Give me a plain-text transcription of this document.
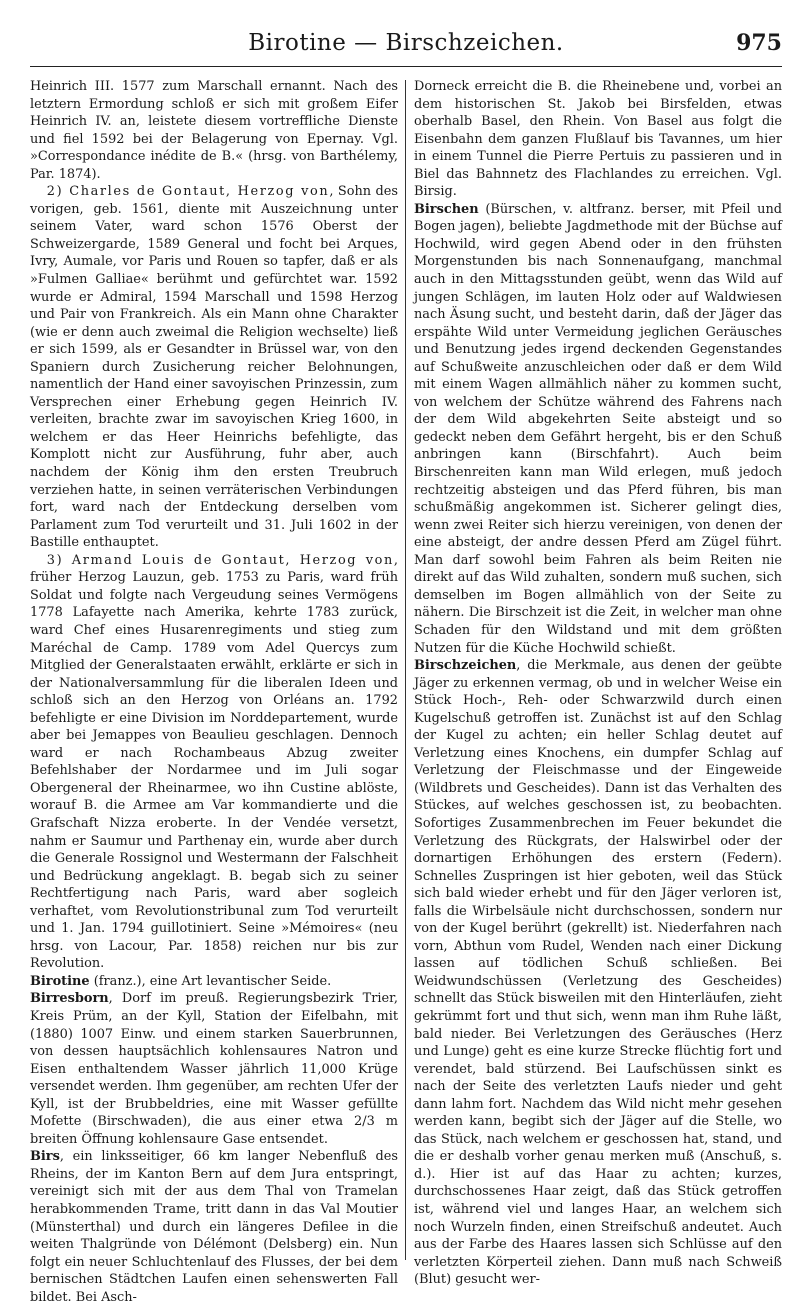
Birotine — Birschzeichen.	975

Heinrich III. 1577 zum Marschall ernannt. Nach des letztern Ermordung schloß er sich mit großem Eifer Heinrich IV. an, leistete diesem vortreffliche Dienste und fiel 1592 bei der Belagerung von Epernay. Vgl. »Correspondance inédite de B.« (hrsg. von Barthélemy, Par. 1874).

2) Charles de Gontaut, Herzog von, Sohn des vorigen, geb. 1561, diente mit Auszeichnung unter seinem Vater, ward schon 1576 Oberst der Schweizergarde, 1589 General und focht bei Arques, Ivry, Aumale, vor Paris und Rouen so tapfer, daß er als »Fulmen Galliae« berühmt und gefürchtet war. 1592 wurde er Admiral, 1594 Marschall und 1598 Herzog und Pair von Frankreich. Als ein Mann ohne Charakter (wie er denn auch zweimal die Religion wechselte) ließ er sich 1599, als er Gesandter in Brüssel war, von den Spaniern durch Zusicherung reicher Belohnungen, namentlich der Hand einer savoyischen Prinzessin, zum Versprechen einer Erhebung gegen Heinrich IV. verleiten, brachte zwar im savoyischen Krieg 1600, in welchem er das Heer Heinrichs befehligte, das Komplott nicht zur Ausführung, fuhr aber, auch nachdem der König ihm den ersten Treubruch verziehen hatte, in seinen verräterischen Verbindungen fort, ward nach der Entdeckung derselben vom Parlament zum Tod verurteilt und 31. Juli 1602 in der Bastille enthauptet.

3) Armand Louis de Gontaut, Herzog von, früher Herzog Lauzun, geb. 1753 zu Paris, ward früh Soldat und folgte nach Vergeudung seines Vermögens 1778 Lafayette nach Amerika, kehrte 1783 zurück, ward Chef eines Husarenregiments und stieg zum Maréchal de Camp. 1789 vom Adel Quercys zum Mitglied der Generalstaaten erwählt, erklärte er sich in der Nationalversammlung für die liberalen Ideen und schloß sich an den Herzog von Orléans an. 1792 befehligte er eine Division im Norddepartement, wurde aber bei Jemappes von Beaulieu geschlagen. Dennoch ward er nach Rochambeaus Abzug zweiter Befehlshaber der Nordarmee und im Juli sogar Obergeneral der Rheinarmee, wo ihn Custine ablöste, worauf B. die Armee am Var kommandierte und die Grafschaft Nizza eroberte. In der Vendée versetzt, nahm er Saumur und Parthenay ein, wurde aber durch die Generale Rossignol und Westermann der Falschheit und Bedrückung angeklagt. B. begab sich zu seiner Rechtfertigung nach Paris, ward aber sogleich verhaftet, vom Revolutionstribunal zum Tod verurteilt und 1. Jan. 1794 guillotiniert. Seine »Mémoires« (neu hrsg. von Lacour, Par. 1858) reichen nur bis zur Revolution.

Birotine (franz.), eine Art levantischer Seide.

Birresborn, Dorf im preuß. Regierungsbezirk Trier, Kreis Prüm, an der Kyll, Station der Eifelbahn, mit (1880) 1007 Einw. und einem starken Sauerbrunnen, von dessen hauptsächlich kohlensaures Natron und Eisen enthaltendem Wasser jährlich 11,000 Krüge versendet werden. Ihm gegenüber, am rechten Ufer der Kyll, ist der Brubbeldries, eine mit Wasser gefüllte Mofette (Birschwaden), die aus einer etwa 2/3 m breiten Öffnung kohlensaure Gase entsendet.

Birs, ein linksseitiger, 66 km langer Nebenfluß des Rheins, der im Kanton Bern auf dem Jura entspringt, vereinigt sich mit der aus dem Thal von Tramelan herabkommenden Trame, tritt dann in das Val Moutier (Münsterthal) und durch ein längeres Defilee in die weiten Thalgründe von Délémont (Delsberg) ein. Nun folgt ein neuer Schluchtenlauf des Flusses, der bei dem bernischen Städtchen Laufen einen sehenswerten Fall bildet. Bei Asch-

Dorneck erreicht die B. die Rheinebene und, vorbei an dem historischen St. Jakob bei Birsfelden, etwas oberhalb Basel, den Rhein. Von Basel aus folgt die Eisenbahn dem ganzen Flußlauf bis Tavannes, um hier in einem Tunnel die Pierre Pertuis zu passieren und in Biel das Bahnnetz des Flachlandes zu erreichen. Vgl. Birsig.

Birschen (Bürschen, v. altfranz. berser, mit Pfeil und Bogen jagen), beliebte Jagdmethode mit der Büchse auf Hochwild, wird gegen Abend oder in den frühsten Morgenstunden bis nach Sonnenaufgang, manchmal auch in den Mittagsstunden geübt, wenn das Wild auf jungen Schlägen, im lauten Holz oder auf Waldwiesen nach Äsung sucht, und besteht darin, daß der Jäger das erspähte Wild unter Vermeidung jeglichen Geräusches und Benutzung jedes irgend deckenden Gegenstandes auf Schußweite anzuschleichen oder daß er dem Wild mit einem Wagen allmählich näher zu kommen sucht, von welchem der Schütze während des Fahrens nach der dem Wild abgekehrten Seite absteigt und so gedeckt neben dem Gefährt hergeht, bis er den Schuß anbringen kann (Birschfahrt). Auch beim Birschenreiten kann man Wild erlegen, muß jedoch rechtzeitig absteigen und das Pferd führen, bis man schußmäßig angekommen ist. Sicherer gelingt dies, wenn zwei Reiter sich hierzu vereinigen, von denen der eine absteigt, der andre dessen Pferd am Zügel führt. Man darf sowohl beim Fahren als beim Reiten nie direkt auf das Wild zuhalten, sondern muß suchen, sich demselben im Bogen allmählich von der Seite zu nähern. Die Birschzeit ist die Zeit, in welcher man ohne Schaden für den Wildstand und mit dem größten Nutzen für die Küche Hochwild schießt.

Birschzeichen, die Merkmale, aus denen der geübte Jäger zu erkennen vermag, ob und in welcher Weise ein Stück Hoch-, Reh- oder Schwarzwild durch einen Kugelschuß getroffen ist. Zunächst ist auf den Schlag der Kugel zu achten; ein heller Schlag deutet auf Verletzung eines Knochens, ein dumpfer Schlag auf Verletzung der Fleischmasse und der Eingeweide (Wildbrets und Gescheides). Dann ist das Verhalten des Stückes, auf welches geschossen ist, zu beobachten. Sofortiges Zusammenbrechen im Feuer bekundet die Verletzung des Rückgrats, der Halswirbel oder der dornartigen Erhöhungen des erstern (Federn). Schnelles Zuspringen ist hier geboten, weil das Stück sich bald wieder erhebt und für den Jäger verloren ist, falls die Wirbelsäule nicht durchschossen, sondern nur von der Kugel berührt (gekrellt) ist. Niederfahren nach vorn, Abthun vom Rudel, Wenden nach einer Dickung lassen auf tödlichen Schuß schließen. Bei Weidwundschüssen (Verletzung des Gescheides) schnellt das Stück bisweilen mit den Hinterläufen, zieht gekrümmt fort und thut sich, wenn man ihm Ruhe läßt, bald nieder. Bei Verletzungen des Geräusches (Herz und Lunge) geht es eine kurze Strecke flüchtig fort und verendet, bald stürzend. Bei Laufschüssen sinkt es nach der Seite des verletzten Laufs nieder und geht dann lahm fort. Nachdem das Wild nicht mehr gesehen werden kann, begibt sich der Jäger auf die Stelle, wo das Stück, nach welchem er geschossen hat, stand, und die er deshalb vorher genau merken muß (Anschuß, s. d.). Hier ist auf das Haar zu achten; kurzes, durchschossenes Haar zeigt, daß das Stück getroffen ist, während viel und langes Haar, an welchem sich noch Wurzeln finden, einen Streifschuß andeutet. Auch aus der Farbe des Haares lassen sich Schlüsse auf den verletzten Körperteil ziehen. Dann muß nach Schweiß (Blut) gesucht wer-
